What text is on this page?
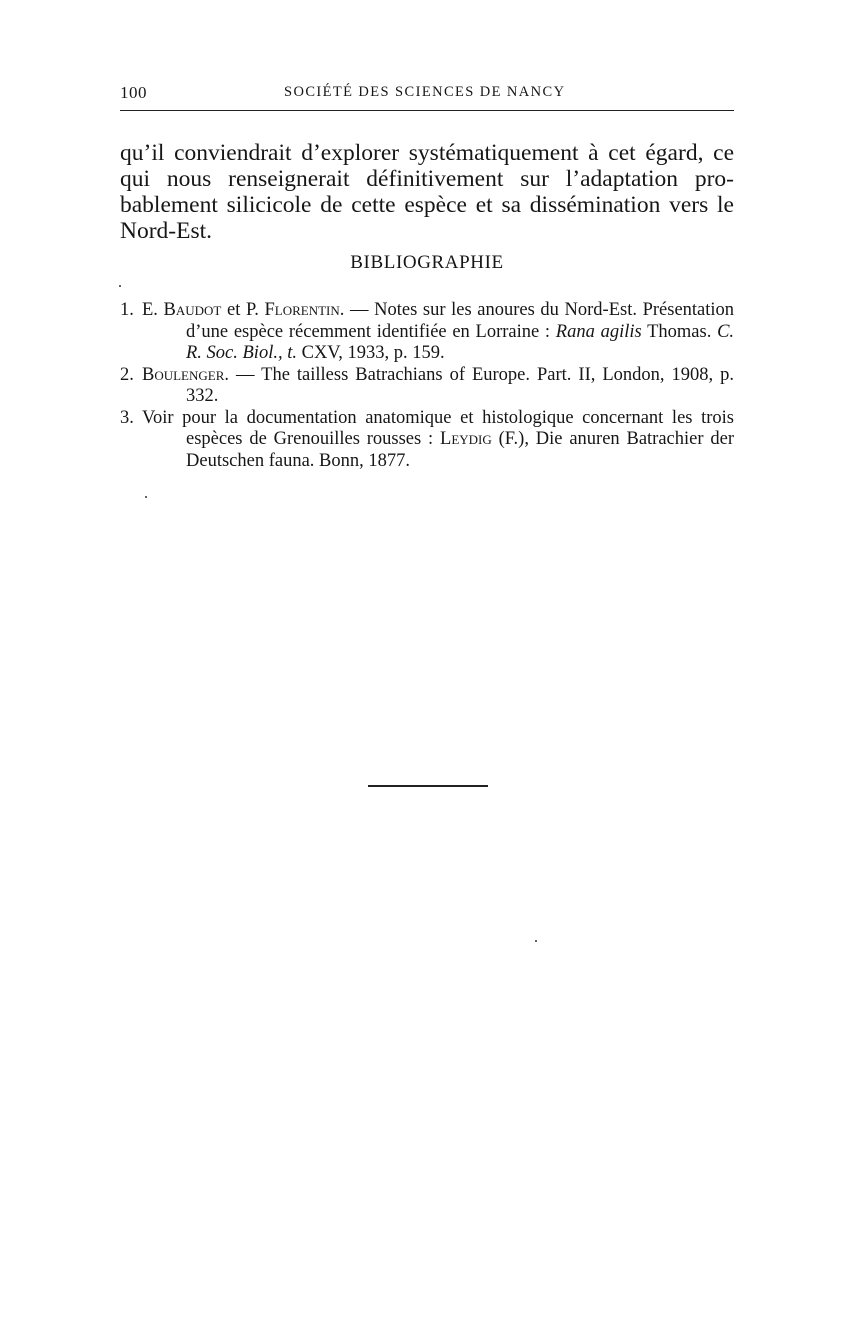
100	SOCIÉTÉ DES SCIENCES DE NANCY

qu’il conviendrait d’explorer systématiquement à cet égard, ce qui nous renseignerait définitivement sur l’adaptation probablement silicicole de cette espèce et sa dissémination vers le Nord-Est.

BIBLIOGRAPHIE
1. E. Baudot et P. Florentin. — Notes sur les anoures du Nord-Est. Présentation d’une espèce récemment identifiée en Lorraine : Rana agilis Thomas. C. R. Soc. Biol., t. CXV, 1933, p. 159.
2. Boulenger. — The tailless Batrachians of Europe. Part. II, London, 1908, p. 332.
3. Voir pour la documentation anatomique et histologique concernant les trois espèces de Grenouilles rousses : Leydig (F.), Die anuren Batrachier der Deutschen fauna. Bonn, 1877.
